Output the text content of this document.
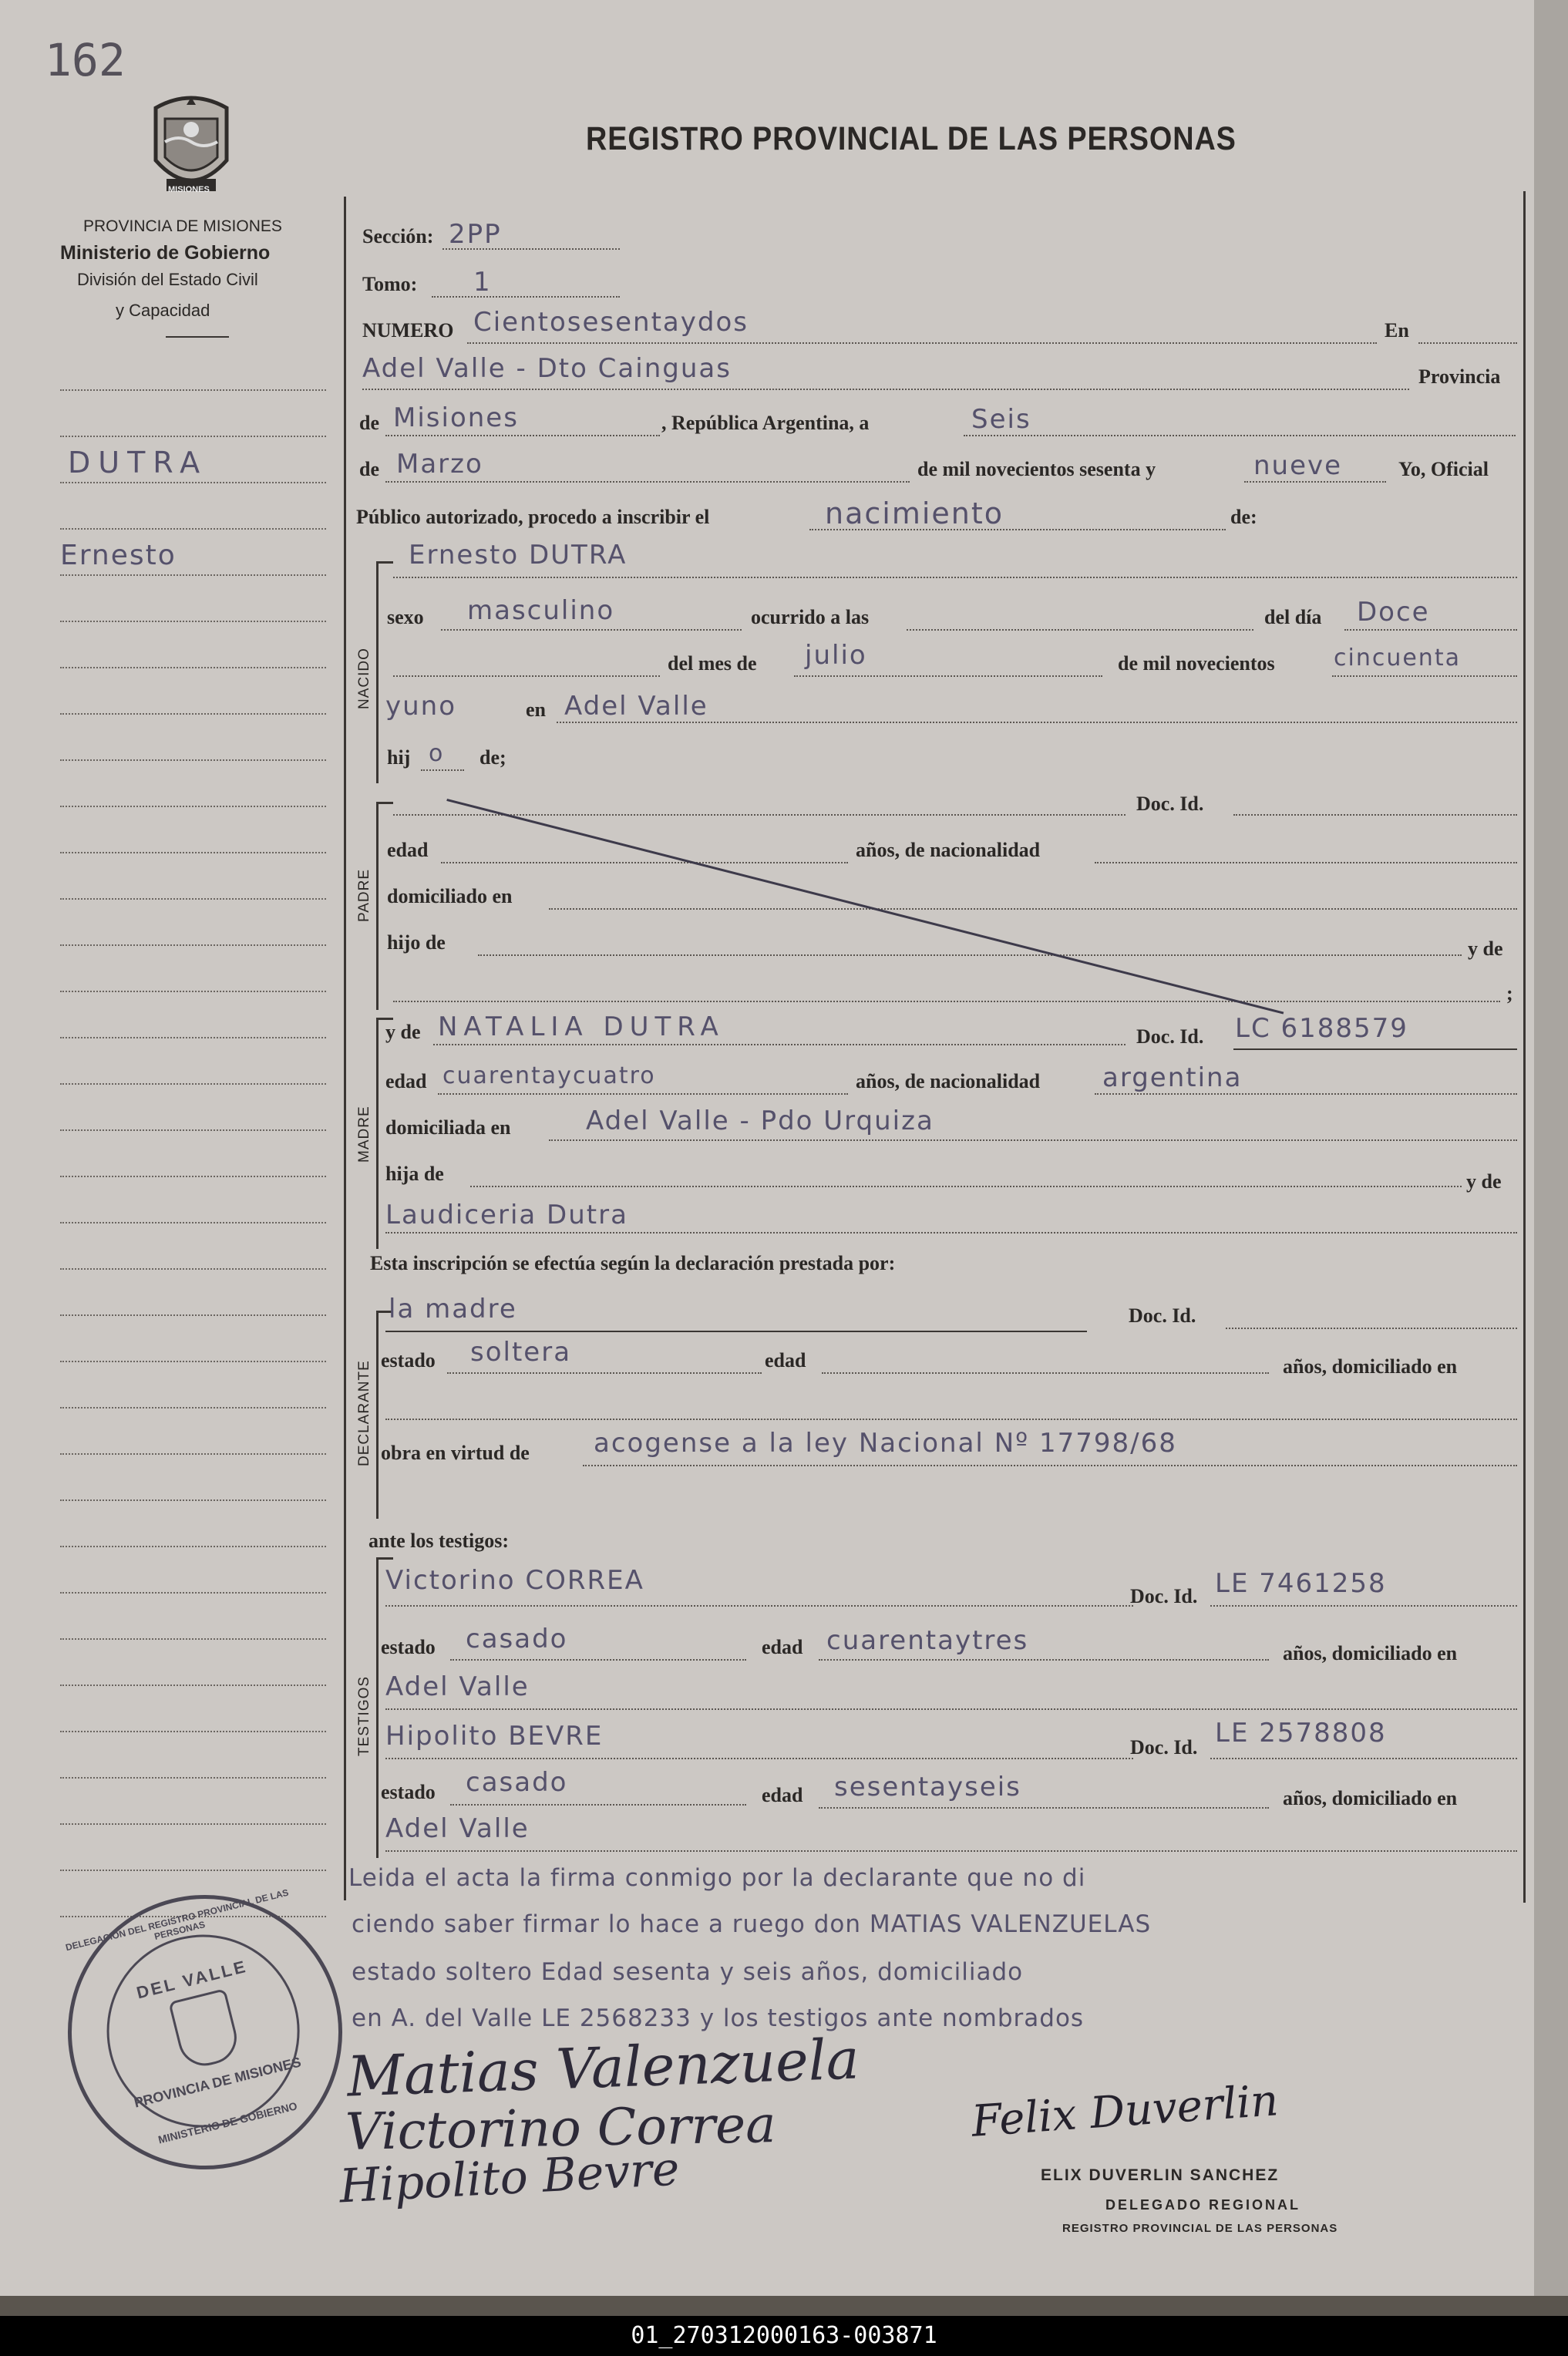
162
MISIONES
REGISTRO PROVINCIAL DE LAS PERSONAS
PROVINCIA DE MISIONES
Ministerio de Gobierno
División del Estado Civil
y Capacidad
DUTRA
Ernesto
NACIDO
PADRE
MADRE
DECLARANTE
TESTIGOS
Sección: 2PP
Tomo: 1
NUMERO Cientosesentaydos	En
Adel Valle - Dto Cainguas	Provincia
de Misiones	, República Argentina, a	Seis
de Marzo	de mil novecientos sesenta y	nueve	Yo, Oficial
Público autorizado, procedo a inscribir el	nacimiento	de:
Ernesto DUTRA
sexo masculino	ocurrido a las	del día Doce
del mes de julio	de mil novecientos	cincuenta
yuno	en Adel Valle
hij o de;
Doc. Id.
edad	años, de nacionalidad
domiciliado en
hijo de	y de
;
y de NATALIA DUTRA	Doc. Id. LC 6188579
edad cuarentaycuatro	años, de nacionalidad argentina
domiciliada en	Adel Valle - Pdo Urquiza
hija de	y de
Laudiceria Dutra
Esta inscripción se efectúa según la declaración prestada por:
la madre	Doc. Id.
estado soltera	edad	años, domiciliado en
obra en virtud de acogense a la ley Nacional Nº 17798/68
ante los testigos:
Victorino CORREA
Doc. Id. LE 7461258
estado casado	edad cuarentaytres	años, domiciliado en
Adel Valle
Hipolito BEVRE	Doc. Id. LE 2578808
estado casado	edad sesentayseis	años, domiciliado en
Adel Valle
Leida el acta la firma conmigo por la declarante que no di
ciendo saber firmar lo hace a ruego don MATIAS VALENZUELAS
estado soltero Edad sesenta y seis años, domiciliado
en A. del Valle LE 2568233 y los testigos ante nombrados
Matias Valenzuela
Victorino Correa
Hipolito Bevre
Felix Duverlin
ELIX DUVERLIN SANCHEZ
DELEGADO REGIONAL
REGISTRO PROVINCIAL DE LAS PERSONAS
DELEGACION DEL REGISTRO PROVINCIAL DE LAS PERSONAS
DEL VALLE
PROVINCIA DE MISIONES
MINISTERIO DE GOBIERNO
01_270312000163-003871
